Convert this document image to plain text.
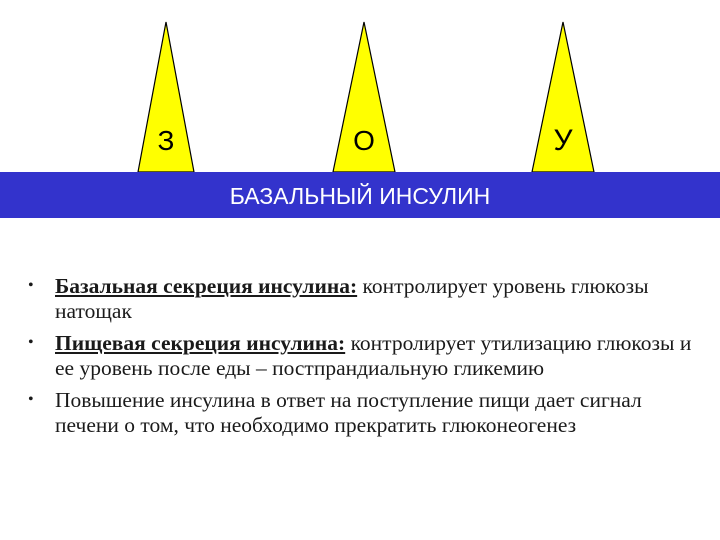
З	О	У
БАЗАЛЬНЫЙ ИНСУЛИН
• Базальная секреция инсулина: контролирует уровень глюкозы натощак
• Пищевая секреция инсулина: контролирует утилизацию глюкозы и ее уровень после еды – постпрандиальную гликемию
• Повышение инсулина в ответ на поступление пищи дает сигнал печени о том, что необходимо прекратить глюконеогенез
